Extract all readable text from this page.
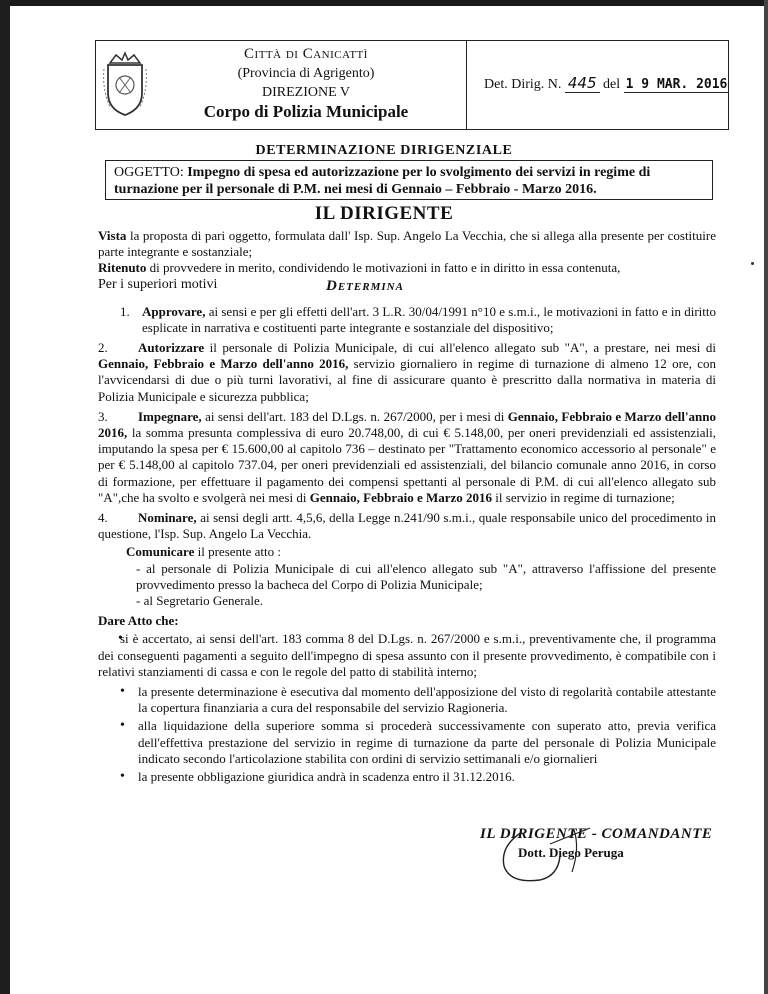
Città di Canicattì
(Provincia di Agrigento)
DIREZIONE V
Corpo di Polizia Municipale
Det. Dirig. N. 445 del 1 9 MAR. 2016
DETERMINAZIONE DIRIGENZIALE
OGGETTO: Impegno di spesa ed autorizzazione per lo svolgimento dei servizi in regime di turnazione per il personale di P.M. nei mesi di Gennaio – Febbraio - Marzo 2016.
IL DIRIGENTE

Vista la proposta di pari oggetto, formulata dall' Isp. Sup. Angelo La Vecchia, che si allega alla presente per costituire parte integrante e sostanziale;

Ritenuto di provvedere in merito, condividendo le motivazioni in fatto e in diritto in essa contenuta,

Per i superiori motivi	Determina

1. Approvare, ai sensi e per gli effetti dell'art. 3 L.R. 30/04/1991 n°10 e s.m.i., le motivazioni in fatto e in diritto esplicate in narrativa e costituenti parte integrante e sostanziale del dispositivo;

2. Autorizzare il personale di Polizia Municipale, di cui all'elenco allegato sub "A", a prestare, nei mesi di Gennaio, Febbraio e Marzo dell'anno 2016, servizio giornaliero in regime di turnazione di almeno 12 ore, con l'avvicendarsi di due o più turni lavorativi, al fine di assicurare quanto è prescritto dalla normativa in materia di Polizia Municipale e sicurezza pubblica;

3. Impegnare, ai sensi dell'art. 183 del D.Lgs. n. 267/2000, per i mesi di Gennaio, Febbraio e Marzo dell'anno 2016, la somma presunta complessiva di euro 20.748,00, di cui € 5.148,00, per oneri previdenziali ed assistenziali, imputando la spesa per € 15.600,00 al capitolo 736 – destinato per "Trattamento economico accessorio al personale" e per € 5.148,00 al capitolo 737.04, per oneri previdenziali ed assistenziali, del bilancio comunale anno 2016, in corso di formazione, per effettuare il pagamento dei compensi spettanti al personale di P.M. di cui all'elenco allegato sub "A",che ha svolto e svolgerà nei mesi di Gennaio, Febbraio e Marzo 2016 il servizio in regime di turnazione;

4. Nominare, ai sensi degli artt. 4,5,6, della Legge n.241/90 s.m.i., quale responsabile unico del procedimento in questione, l'Isp. Sup. Angelo La Vecchia.

Comunicare il presente atto :

- al personale di Polizia Municipale di cui all'elenco allegato sub "A", attraverso l'affissione del presente provvedimento presso la bacheca del Corpo di Polizia Municipale;

- al Segretario Generale.

Dare Atto che:

• si è accertato, ai sensi dell'art. 183 comma 8 del D.Lgs. n. 267/2000 e s.m.i., preventivamente che, il programma dei conseguenti pagamenti a seguito dell'impegno di spesa assunto con il presente provvedimento, è compatibile con i relativi stanziamenti di cassa e con le regole del patto di stabilità interno;

• la presente determinazione è esecutiva dal momento dell'apposizione del visto di regolarità contabile attestante la copertura finanziaria a cura del responsabile del servizio Ragioneria.

• alla liquidazione della superiore somma si procederà successivamente con superato atto, previa verifica dell'effettiva prestazione del servizio in regime di turnazione da parte del personale di Polizia Municipale indicato secondo l'articolazione stabilita con ordini di servizio settimanali e/o giornalieri

• la presente obbligazione giuridica andrà in scadenza entro il 31.12.2016.

IL DIRIGENTE - COMANDANTE
Dott. Diego Peruga
